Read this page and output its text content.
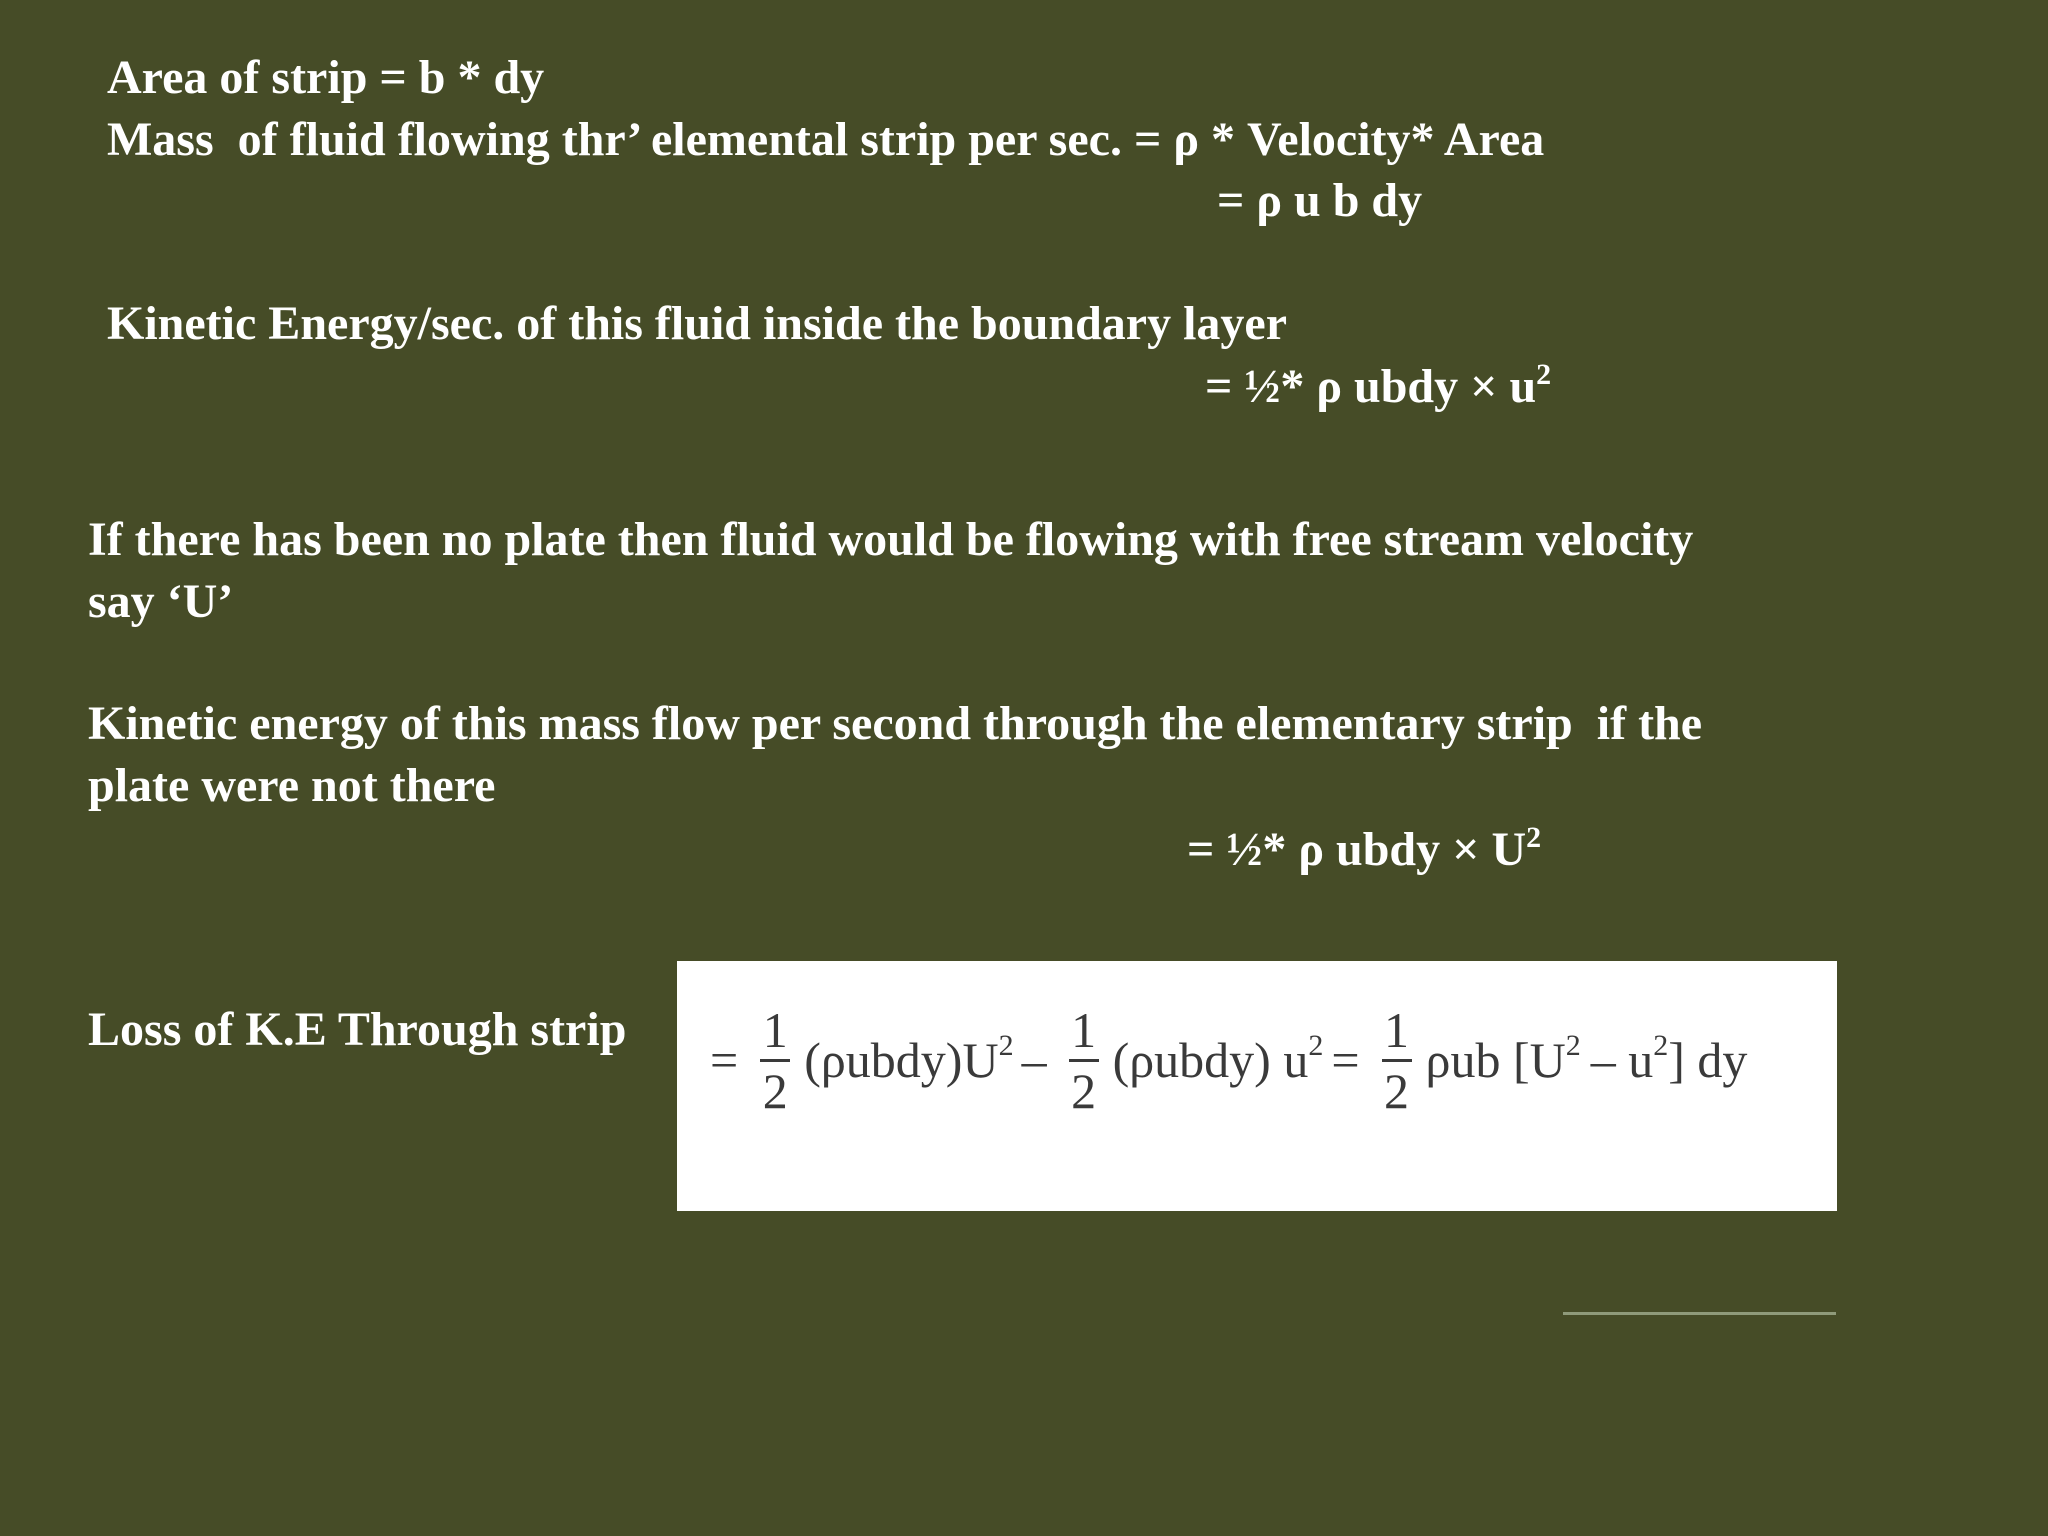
Area of strip = b * dy

Mass  of fluid flowing thr’ elemental strip per sec. = ρ * Velocity* Area

= ρ u b dy

Kinetic Energy/sec. of this fluid inside the boundary layer

= ½* ρ ubdy × $u^2$

If there has been no plate then fluid would be flowing with free stream velocity

say ‘U’

Kinetic energy of this mass flow per second through the elementary strip  if the

plate were not there

= ½* ρ ubdy × $U^2$

Loss of K.E Through strip

= $\frac{1}{2}$ $(\rho ubdy)U^2 - \frac{1}{2}$ (ρubdy) $u^2 = \frac{1}{2}$ ρub $[U^2 - u^2]$ dy
